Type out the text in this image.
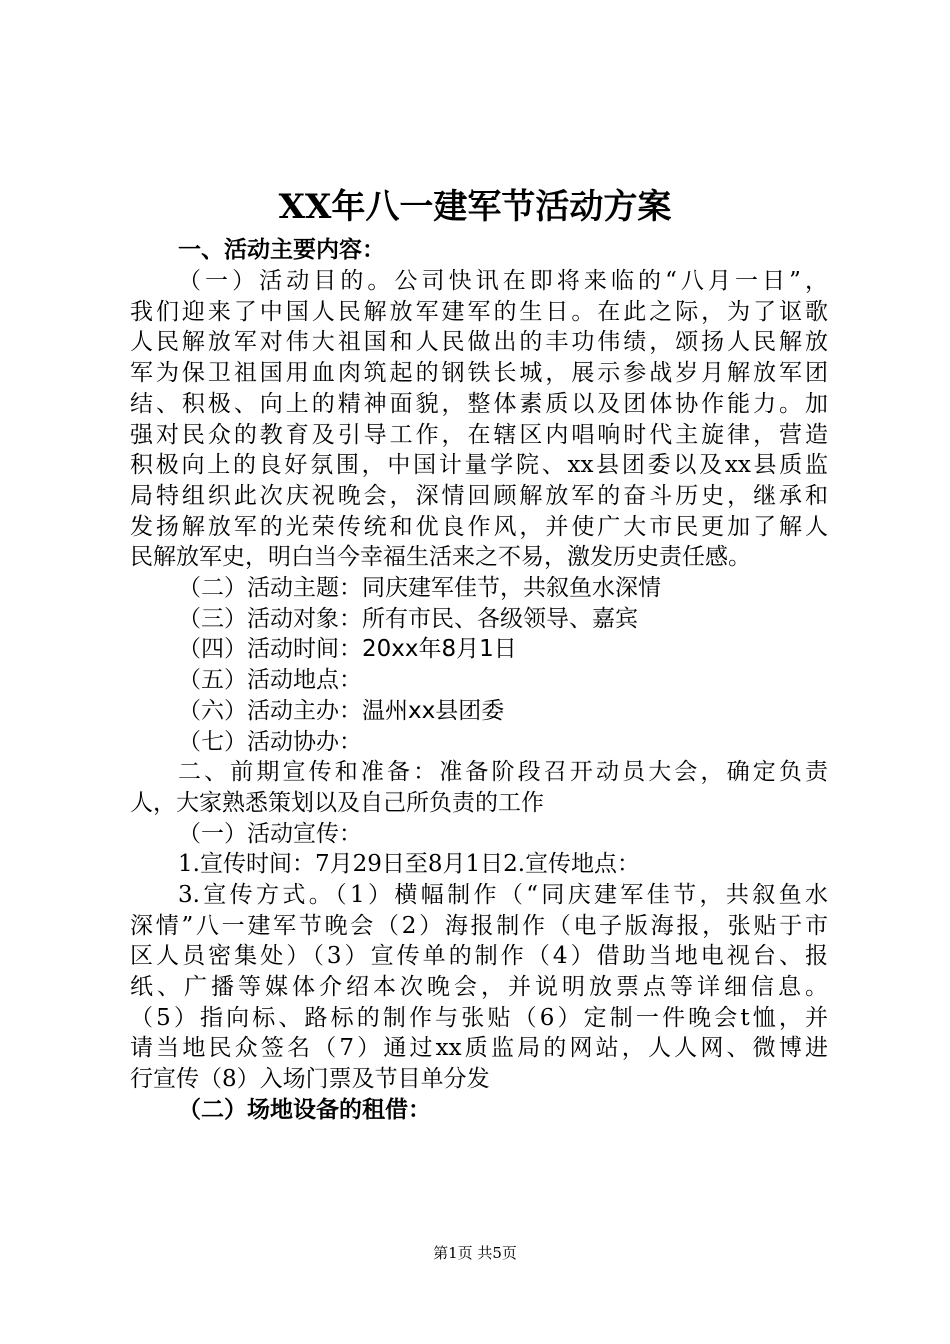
XX年八一建军节活动方案

一、活动主要内容：

（一）活动目的。公司快讯在即将来临的“八月一日”，

我们迎来了中国人民解放军建军的生日。在此之际，为了讴歌

人民解放军对伟大祖国和人民做出的丰功伟绩，颂扬人民解放

军为保卫祖国用血肉筑起的钢铁长城，展示参战岁月解放军团

结、积极、向上的精神面貌，整体素质以及团体协作能力。加

强对民众的教育及引导工作，在辖区内唱响时代主旋律，营造

积极向上的良好氛围，中国计量学院、xx县团委以及xx县质监

局特组织此次庆祝晚会，深情回顾解放军的奋斗历史，继承和

发扬解放军的光荣传统和优良作风，并使广大市民更加了解人

民解放军史，明白当今幸福生活来之不易，激发历史责任感。

（二）活动主题：同庆建军佳节，共叙鱼水深情

（三）活动对象：所有市民、各级领导、嘉宾

（四）活动时间：20xx年8月1日

（五）活动地点：

（六）活动主办：温州xx县团委

（七）活动协办：

二、前期宣传和准备：准备阶段召开动员大会，确定负责

人，大家熟悉策划以及自己所负责的工作

（一）活动宣传：

1.宣传时间：7月29日至8月1日2.宣传地点：

3.宣传方式。（1）横幅制作（“同庆建军佳节，共叙鱼水

深情”八一建军节晚会（2）海报制作（电子版海报，张贴于市

区人员密集处）（3）宣传单的制作（4）借助当地电视台、报

纸、广播等媒体介绍本次晚会，并说明放票点等详细信息。

（5）指向标、路标的制作与张贴（6）定制一件晚会t恤，并

请当地民众签名（7）通过xx质监局的网站，人人网、微博进

行宣传（8）入场门票及节目单分发

（二）场地设备的租借：

第1页 共5页
